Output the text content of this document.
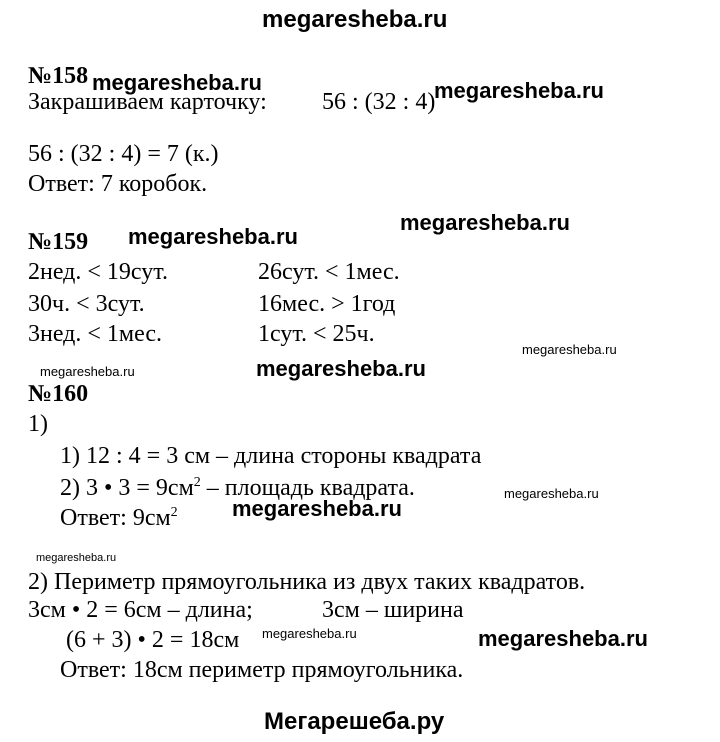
megaresheba.ru
№158
Закрашиваем карточку: 56 : (32 : 4)
56 : (32 : 4) = 7 (к.)
Ответ: 7 коробок.
№159
2нед. < 19сут.	26сут. < 1мес.
30ч. < 3сут.	16мес. > 1год
3нед. < 1мес.	1сут. < 25ч.
№160
1)
1) 12 : 4 = 3 см – длина стороны квадрата
2) 3 • $3 = 9см^2$ – площадь квадрата.
Ответ: $9см^2$
2) Периметр прямоугольника из двух таких квадратов.
3см • 2 = 6см – длина;	3см – ширина
(6 + 3) • 2 = 18см
Ответ: 18см периметр прямоугольника.
megaresheba.ru	megaresheba.ru
megaresheba.ru
megaresheba.ru
megaresheba.ru
megaresheba.ru
megaresheba.ru
megaresheba.ru
megaresheba.ru
megaresheba.ru
megaresheba.ru	megaresheba.ru
Мегарешеба.ру
